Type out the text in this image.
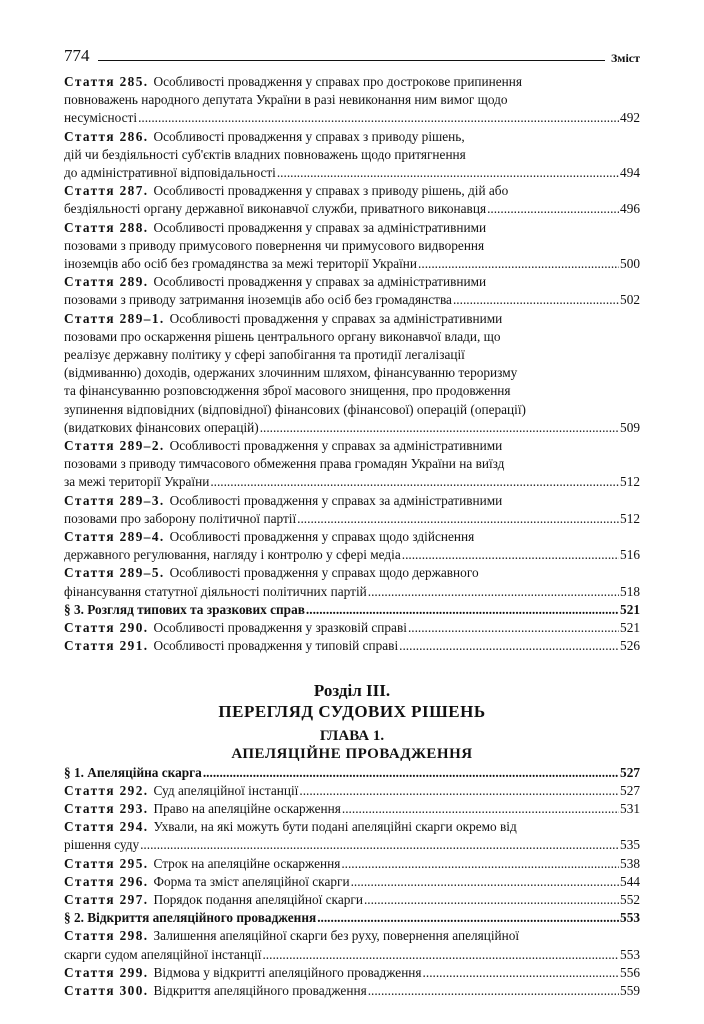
774	Зміст
Стаття 285. Особливості провадження у справах про дострокове припинення
повноважень народного депутата України в разі невиконання ним вимог щодо
несумісності .....	492
Стаття 286. Особливості провадження у справах з приводу рішень,
дій чи бездіяльності суб'єктів владних повноважень щодо притягнення
до адміністративної відповідальності .....	494
Стаття 287. Особливості провадження у справах з приводу рішень, дій або
бездіяльності органу державної виконавчої служби, приватного виконавця .....	496
Стаття 288. Особливості провадження у справах за адміністративними
позовами з приводу примусового повернення чи примусового видворення
іноземців або осіб без громадянства за межі території України .....	500
Стаття 289. Особливості провадження у справах за адміністративними
позовами з приводу затримання іноземців або осіб без громадянства .....	502
Стаття 289–1. Особливості провадження у справах за адміністративними
позовами про оскарження рішень центрального органу виконавчої влади, що
реалізує державну політику у сфері запобігання та протидії легалізації
(відмиванню) доходів, одержаних злочинним шляхом, фінансуванню тероризму
та фінансуванню розповсюдження зброї масового знищення, про продовження
зупинення відповідних (відповідної) фінансових (фінансової) операцій (операції)
(видаткових фінансових операцій) .....	509
Стаття 289–2. Особливості провадження у справах за адміністративними
позовами з приводу тимчасового обмеження права громадян України на виїзд
за межі території України .....	512
Стаття 289–3. Особливості провадження у справах за адміністративними
позовами про заборону політичної партії .....	512
Стаття 289–4. Особливості провадження у справах щодо здійснення
державного регулювання, нагляду і контролю у сфері медіа .....	516
Стаття 289–5. Особливості провадження у справах щодо державного
фінансування статутної діяльності політичних партій .....	518
§ 3. Розгляд типових та зразкових справ .....	521
Стаття 290. Особливості провадження у зразковій справі .....	521
Стаття 291. Особливості провадження у типовій справі .....	526
Розділ III.
ПЕРЕГЛЯД СУДОВИХ РІШЕНЬ
ГЛАВА 1.
АПЕЛЯЦІЙНЕ ПРОВАДЖЕННЯ
§ 1. Апеляційна скарга .....	527
Стаття 292. Суд апеляційної інстанції .....	527
Стаття 293. Право на апеляційне оскарження .....	531
Стаття 294. Ухвали, на які можуть бути подані апеляційні скарги окремо від
рішення суду .....	535
Стаття 295. Строк на апеляційне оскарження .....	538
Стаття 296. Форма та зміст апеляційної скарги .....	544
Стаття 297. Порядок подання апеляційної скарги .....	552
§ 2. Відкриття апеляційного провадження .....	553
Стаття 298. Залишення апеляційної скарги без руху, повернення апеляційної
скарги судом апеляційної інстанції .....	553
Стаття 299. Відмова у відкритті апеляційного провадження .....	556
Стаття 300. Відкриття апеляційного провадження .....	559
